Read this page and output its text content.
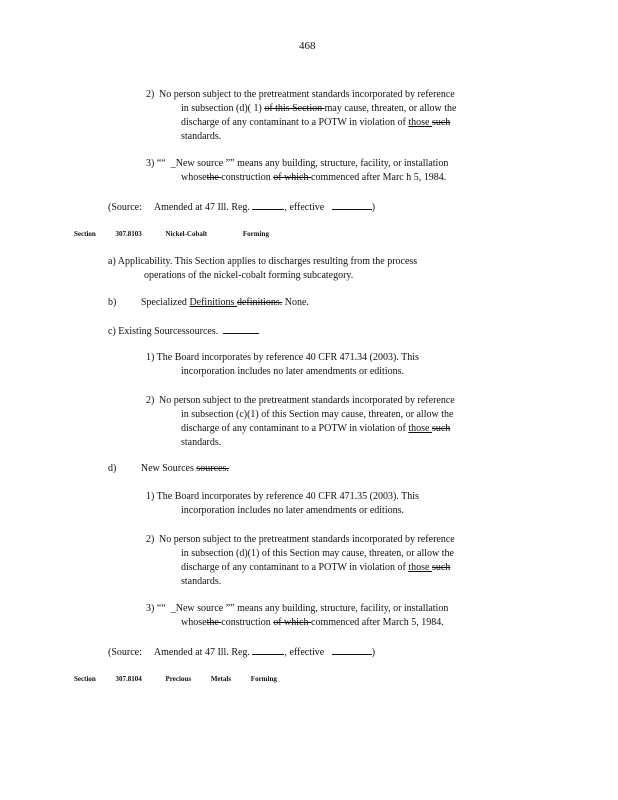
468
2) No person subject to the pretreatment standards incorporated by reference
in subsection (d)( 1) of this Section may cause, threaten, or allow the
discharge of any contaminant to a POTW in violation of those such
standards.
3) ““ _New source ”” means any building, structure, facility, or installation
whosethe construction of which commenced after Marc h 5, 1984.
(Source: Amended at 47 Ill. Reg.	, effective	)
Section	307.8103	Nickel-Cobalt	Forming
a) Applicability. This Section applies to discharges resulting from the process
operations of the nickel-cobalt forming subcategory.
b) Specialized Definitions definitions. None.
c) Existing Sourcessources.
1) The Board incorporates by reference 40 CFR 471.34 (2003). This
incorporation includes no later amendments or editions.
2) No person subject to the pretreatment standards incorporated by reference
in subsection (c)(1) of this Section may cause, threaten, or allow the
discharge of any contaminant to a POTW in violation of those such
standards.
d) New Sources sources.
1) The Board incorporates by reference 40 CFR 471.35 (2003). This
incorporation includes no later amendments or editions.
2) No person subject to the pretreatment standards incorporated by reference
in subsection (d)(1) of this Section may cause, threaten, or allow the
discharge of any contaminant to a POTW in violation of those such
standards.
3) ““ _New source ”” means any building, structure, facility, or installation
whosethe construction of which commenced after March 5, 1984.
(Source: Amended at 47 Ill. Reg.	, effective	)
Section	307.8104	Precious	Metals	Forming
